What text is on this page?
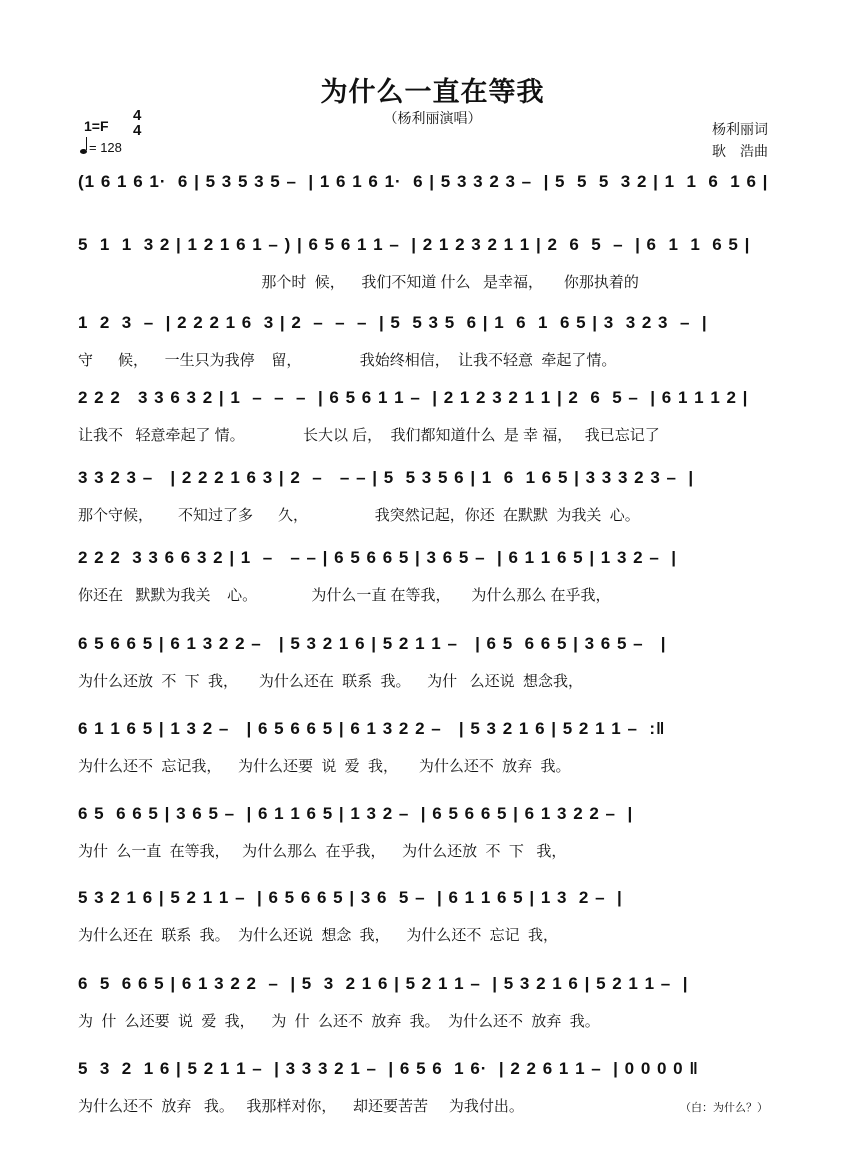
为什么一直在等我
（杨利丽演唱）
1=F
4
4
= 128
杨利丽词
耿　浩曲
(1 6 1 6 1·  6 | 5 3 5 3 5 –  | 1 6 1 6 1·  6 | 5 3 3 2 3 –  | 5  5  5  3 2 | 1  1  6  1 6 |
5  1  1  3 2 | 1 2 1 6 1 – ) | 6 5 6 1 1 –  | 2 1 2 3 2 1 1 | 2  6  5  –  | 6  1  1  6 5 |
那个时  候，    我们不知道 什么   是幸福，     你那执着的
1  2  3  –  | 2 2 2 1 6  3 | 2  –  –  –  | 5  5 3 5  6 | 1  6  1  6 5 | 3  3 2 3  –  |
守      候，    一生只为我停    留，              我始终相信，  让我不轻意  牵起了情。
2 2 2   3 3 6 3 2 | 1  –  –  –  | 6 5 6 1 1 –  | 2 1 2 3 2 1 1 | 2  6  5 –  | 6 1 1 1 2 |
让我不   轻意牵起了 情。              长大以 后，  我们都知道什么  是 幸 福，   我已忘记了
3 3 2 3 –   | 2 2 2 1 6 3 | 2  –   – – | 5  5 3 5 6 | 1  6  1 6 5 | 3 3 3 2 3 –  |
那个守候，      不知过了多      久，                我突然记起，你还  在默默  为我关  心。
2 2 2  3 3 6 6 3 2 | 1  –   – – | 6 5 6 6 5 | 3 6 5 –  | 6 1 1 6 5 | 1 3 2 –  |
你还在   默默为我关    心。             为什么一直 在等我，     为什么那么 在乎我，
6 5 6 6 5 | 6 1 3 2 2 –   | 5 3 2 1 6 | 5 2 1 1 –   | 6 5  6 6 5 | 3 6 5 –   |
为什么还放  不  下  我，     为什么还在  联系  我。    为什   么还说  想念我，
6 1 1 6 5 | 1 3 2 –   | 6 5 6 6 5 | 6 1 3 2 2 –   | 5 3 2 1 6 | 5 2 1 1 –  :‖
为什么还不  忘记我，    为什么还要  说  爱  我，     为什么还不  放弃  我。
6 5  6 6 5 | 3 6 5 –  | 6 1 1 6 5 | 1 3 2 –  | 6 5 6 6 5 | 6 1 3 2 2 –  |
为什  么一直  在等我，   为什么那么  在乎我，    为什么还放  不  下   我，
5 3 2 1 6 | 5 2 1 1 –  | 6 5 6 6 5 | 3 6  5 –  | 6 1 1 6 5 | 1 3  2 –  |
为什么还在  联系  我。  为什么还说  想念  我，    为什么还不  忘记  我，
6  5  6 6 5 | 6 1 3 2 2  –  | 5  3  2 1 6 | 5 2 1 1 –  | 5 3 2 1 6 | 5 2 1 1 –  |
为  什  么还要  说  爱  我，    为  什  么还不  放弃  我。  为什么还不  放弃  我。
5  3  2  1 6 | 5 2 1 1 –  | 3 3 3 2 1 –  | 6 5 6  1 6·  | 2 2 6 1 1 –  | 0 0 0 0 ‖
为什么还不  放弃   我。   我那样对你，    却还要苦苦     为我付出。	（白：为什么？）
